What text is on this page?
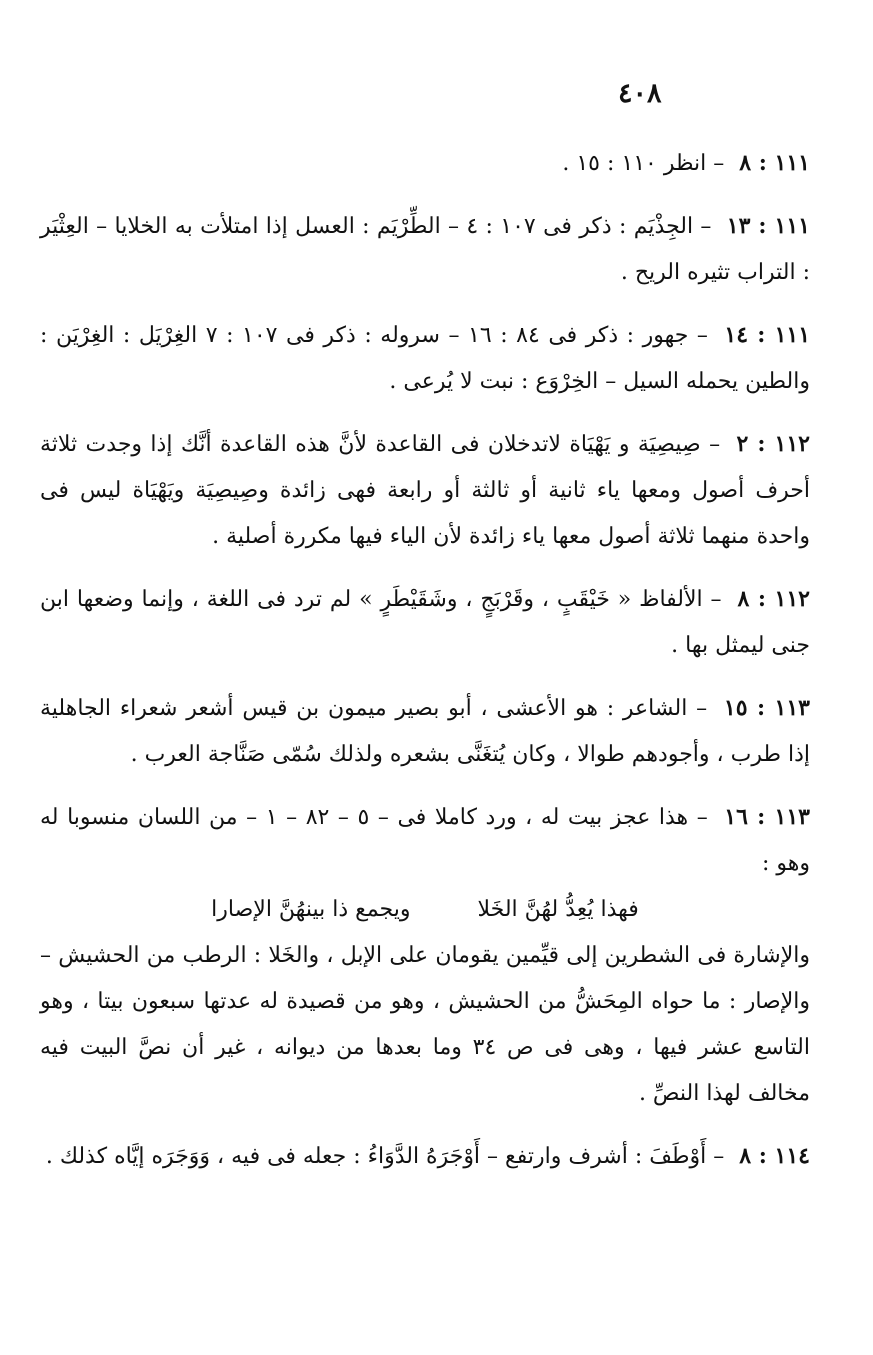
٤٠٨

١١١ : ٨ – انظر ١١٠ : ١٥ .

١١١ : ١٣ – الجِذْيَم : ذكر فى ١٠٧ : ٤ – الطِّرْيَم : العسل إذا امتلأت به الخلايا – العِثْيَر : التراب تثيره الريح .

١١١ : ١٤ – جهور : ذكر فى ٨٤ : ١٦ – سروله : ذكر فى ١٠٧ : ٧ الغِرْيَل : الغِرْيَن : والطين يحمله السيل – الخِرْوَع : نبت لا يُرعى .

١١٢ : ٢ – صِيصِيَة و يَهْيَاة لاتدخلان فى القاعدة لأنَّ هذه القاعدة أنَّك إذا وجدت ثلاثة أحرف أصول ومعها ياء ثانية أو ثالثة أو رابعة فهى زائدة وصِيصِيَة ويَهْيَاة ليس فى واحدة منهما ثلاثة أصول معها ياء زائدة لأن الياء فيها مكررة أصلية .

١١٢ : ٨ – الألفاظ « خَيْقَبٍ ، وقَرْبَجٍ ، وشَقَيْطَرٍ » لم ترد فى اللغة ، وإنما وضعها ابن جنى ليمثل بها .

١١٣ : ١٥ – الشاعر : هو الأعشى ، أبو بصير ميمون بن قيس أشعر شعراء الجاهلية إذا طرب ، وأجودهم طوالا ، وكان يُتغَنَّى بشعره ولذلك سُمّى صَنَّاجة العرب .

١١٣ : ١٦ – هذا عجز بيت له ، ورد كاملا فى – ٥ – ٨٢ – ١ – من اللسان منسوبا له وهو :

فهذا يُعِدُّ لهُنَّ الخَلا ويجمع ذا بينهُنَّ الإصارا

والإشارة فى الشطرين إلى قيِّمين يقومان على الإبل ، والخَلا : الرطب من الحشيش – والإصار : ما حواه المِحَشُّ من الحشيش ، وهو من قصيدة له عدتها سبعون بيتا ، وهو التاسع عشر فيها ، وهى فى ص ٣٤ وما بعدها من ديوانه ، غير أن نصَّ البيت فيه مخالف لهذا النصِّ .

١١٤ : ٨ – أَوْطَفَ : أشرف وارتفع – أَوْجَرَهُ الدَّوَاءُ : جعله فى فيه ، وَوَجَرَه إيَّاه كذلك .
